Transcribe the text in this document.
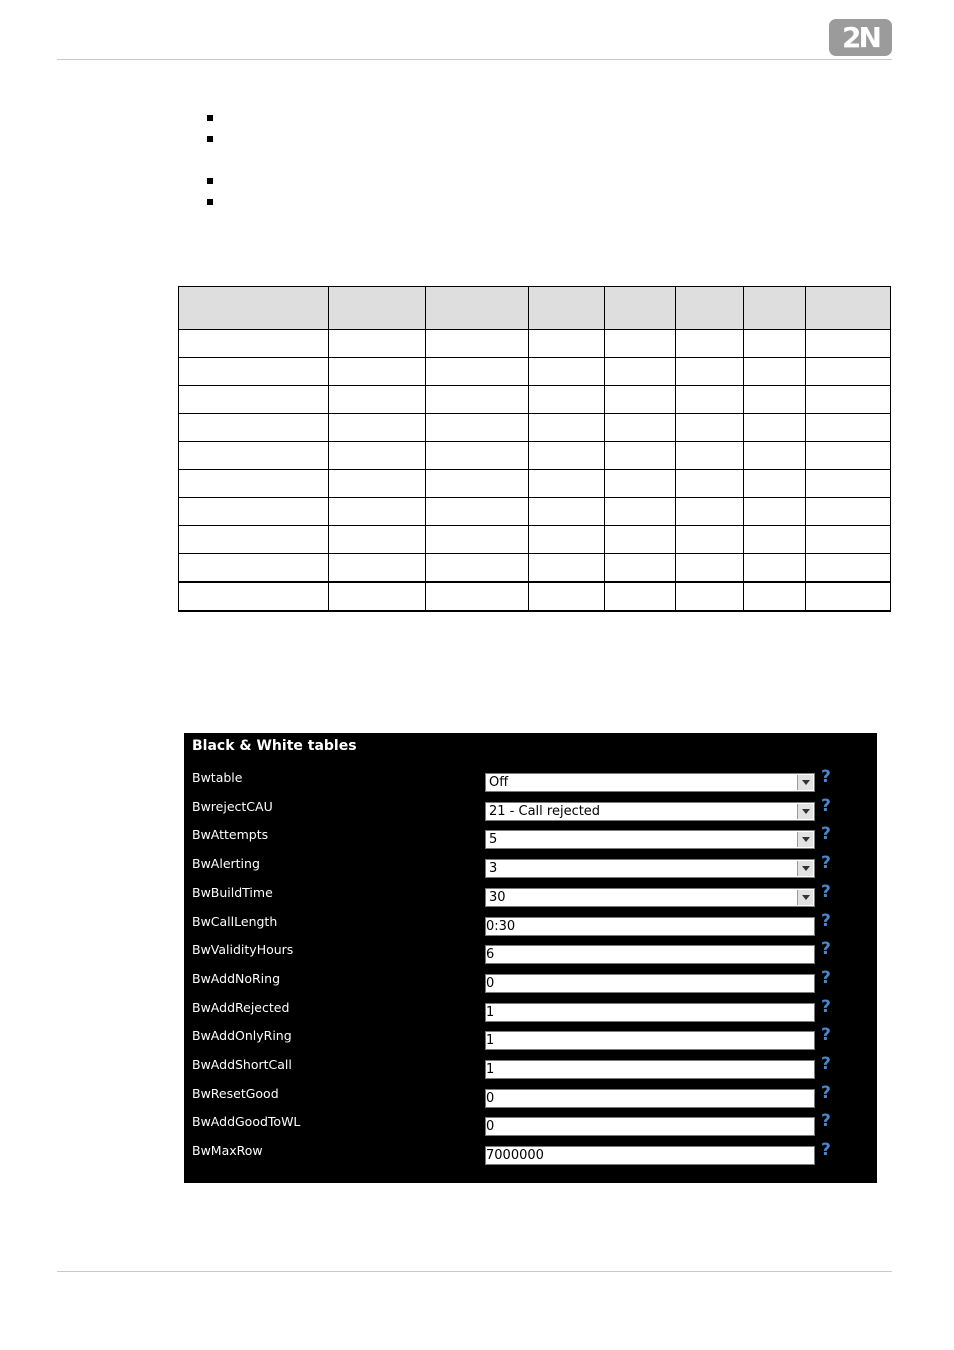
2N

Black & White tables
Bwtable	Off	?
BwrejectCAU	21 - Call rejected	?
BwAttempts	5	?
BwAlerting	3	?
BwBuildTime	30	?
BwCallLength	0:30	?
BwValidityHours	6	?
BwAddNoRing	0	?
BwAddRejected	1	?
BwAddOnlyRing	1	?
BwAddShortCall	1	?
BwResetGood	0	?
BwAddGoodToWL	0	?
BwMaxRow	7000000	?
